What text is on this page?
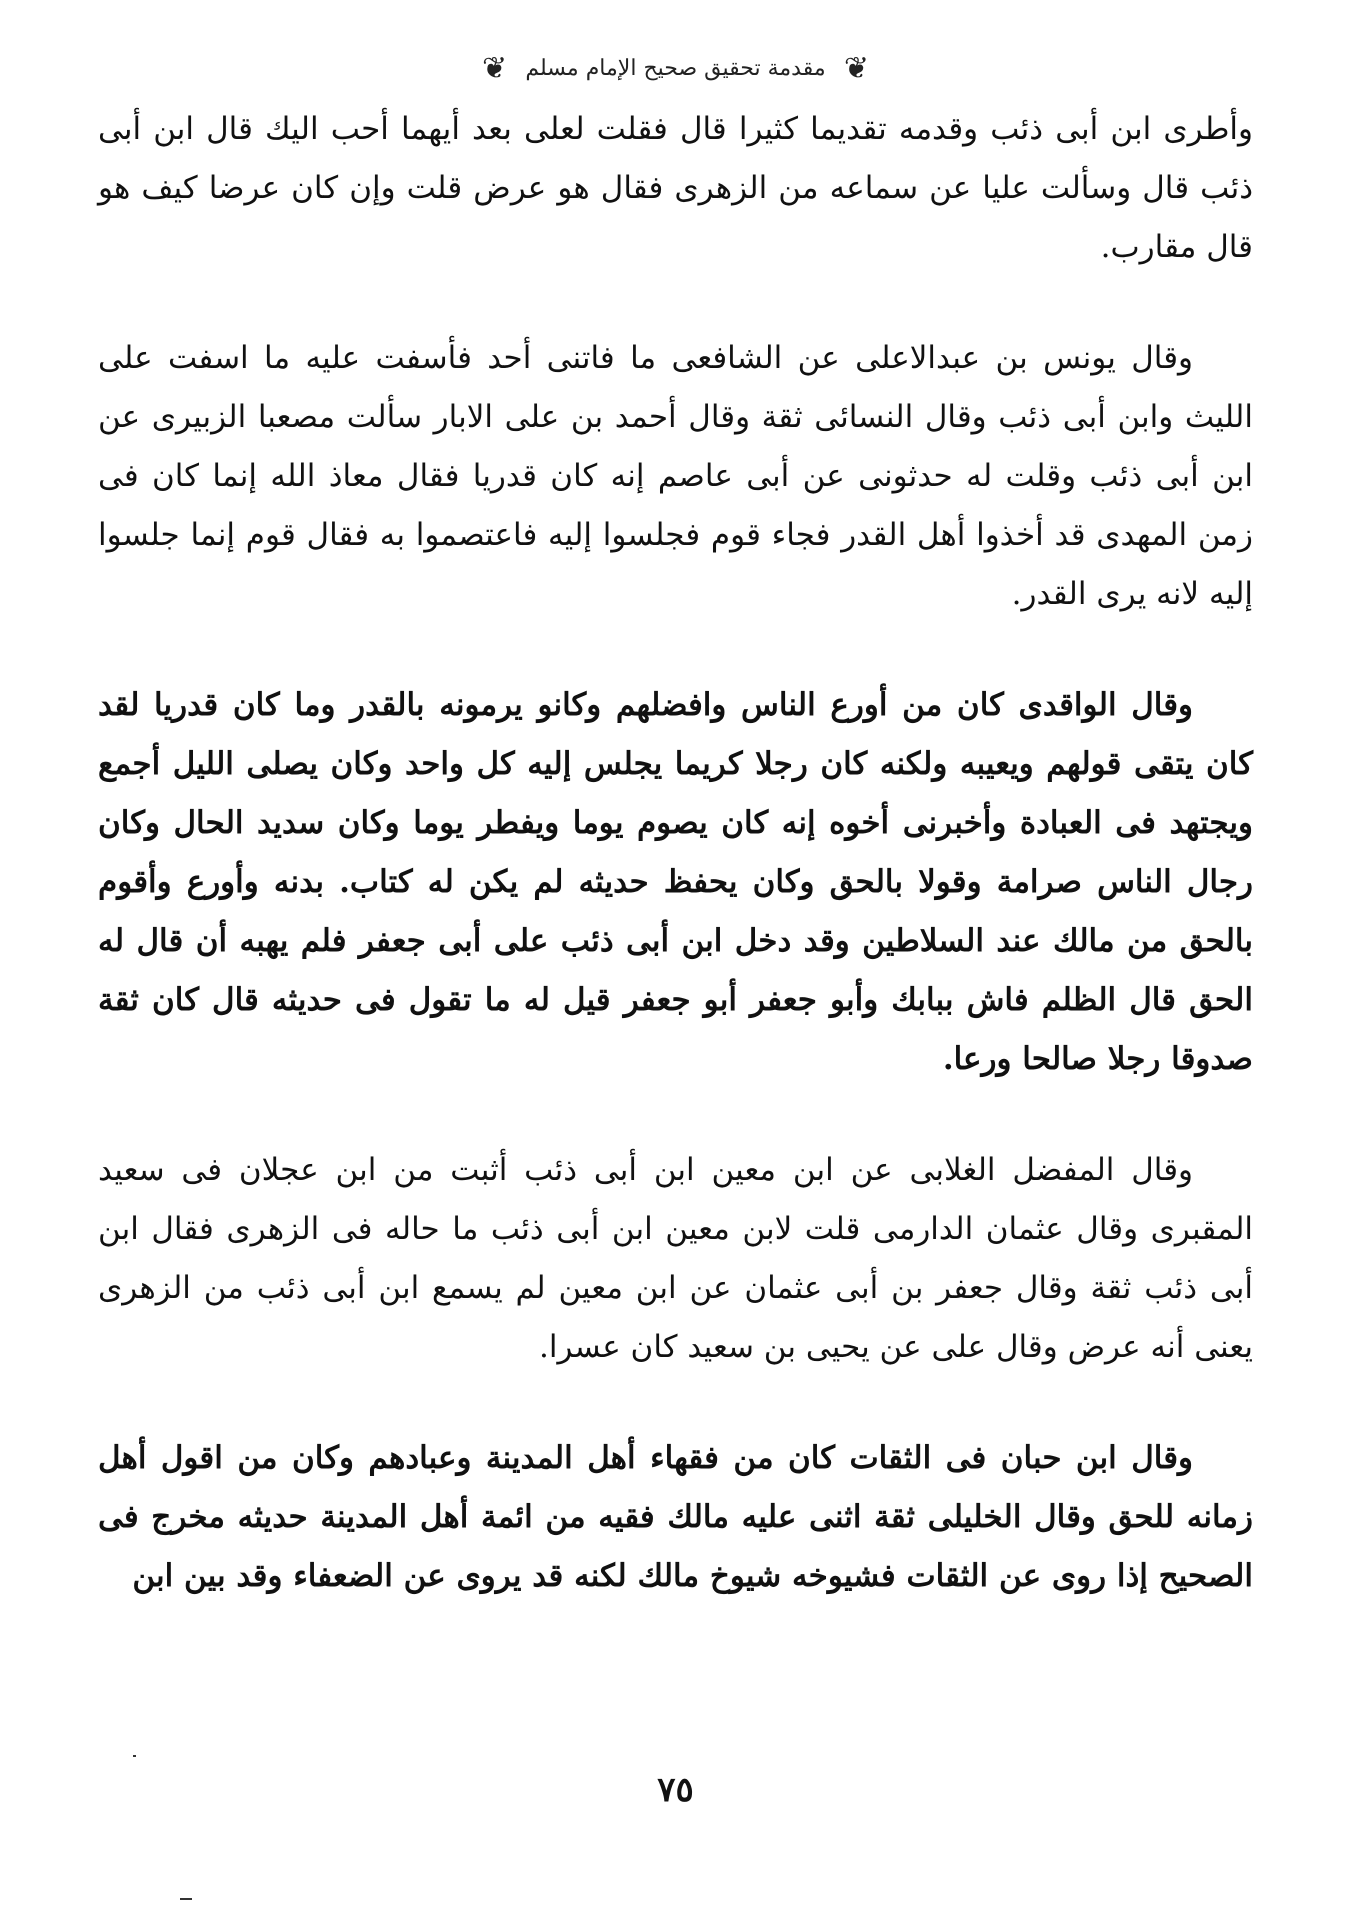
❦ مقدمة تحقيق صحيح الإمام مسلم ❦

وأطرى ابن أبى ذئب وقدمه تقديما كثيرا قال فقلت لعلى بعد أيهما أحب اليك قال ابن أبى ذئب قال وسألت عليا عن سماعه من الزهرى فقال هو عرض قلت وإن كان عرضا كيف هو قال مقارب.

وقال يونس بن عبدالاعلى عن الشافعى ما فاتنى أحد فأسفت عليه ما اسفت على الليث وابن أبى ذئب وقال النسائى ثقة وقال أحمد بن على الابار سألت مصعبا الزبيرى عن ابن أبى ذئب وقلت له حدثونى عن أبى عاصم إنه كان قدريا فقال معاذ الله إنما كان فى زمن المهدى قد أخذوا أهل القدر فجاء قوم فجلسوا إليه فاعتصموا به فقال قوم إنما جلسوا إليه لانه يرى القدر.

وقال الواقدى كان من أورع الناس وافضلهم وكانو يرمونه بالقدر وما كان قدريا لقد كان يتقى قولهم ويعيبه ولكنه كان رجلا كريما يجلس إليه كل واحد وكان يصلى الليل أجمع ويجتهد فى العبادة وأخبرنى أخوه إنه كان يصوم يوما ويفطر يوما وكان سديد الحال وكان رجال الناس صرامة وقولا بالحق وكان يحفظ حديثه لم يكن له كتاب. بدنه وأورع وأقوم بالحق من مالك عند السلاطين وقد دخل ابن أبى ذئب على أبى جعفر فلم يهبه أن قال له الحق قال الظلم فاش ببابك وأبو جعفر أبو جعفر قيل له ما تقول فى حديثه قال كان ثقة صدوقا رجلا صالحا ورعا.

وقال المفضل الغلابى عن ابن معين ابن أبى ذئب أثبت من ابن عجلان فى سعيد المقبرى وقال عثمان الدارمى قلت لابن معين ابن أبى ذئب ما حاله فى الزهرى فقال ابن أبى ذئب ثقة وقال جعفر بن أبى عثمان عن ابن معين لم يسمع ابن أبى ذئب من الزهرى يعنى أنه عرض وقال على عن يحيى بن سعيد كان عسرا.

وقال ابن حبان فى الثقات كان من فقهاء أهل المدينة وعبادهم وكان من اقول أهل زمانه للحق وقال الخليلى ثقة اثنى عليه مالك فقيه من ائمة أهل المدينة حديثه مخرج فى الصحيح إذا روى عن الثقات فشيوخه شيوخ مالك لكنه قد يروى عن الضعفاء وقد بين ابن

٧٥
